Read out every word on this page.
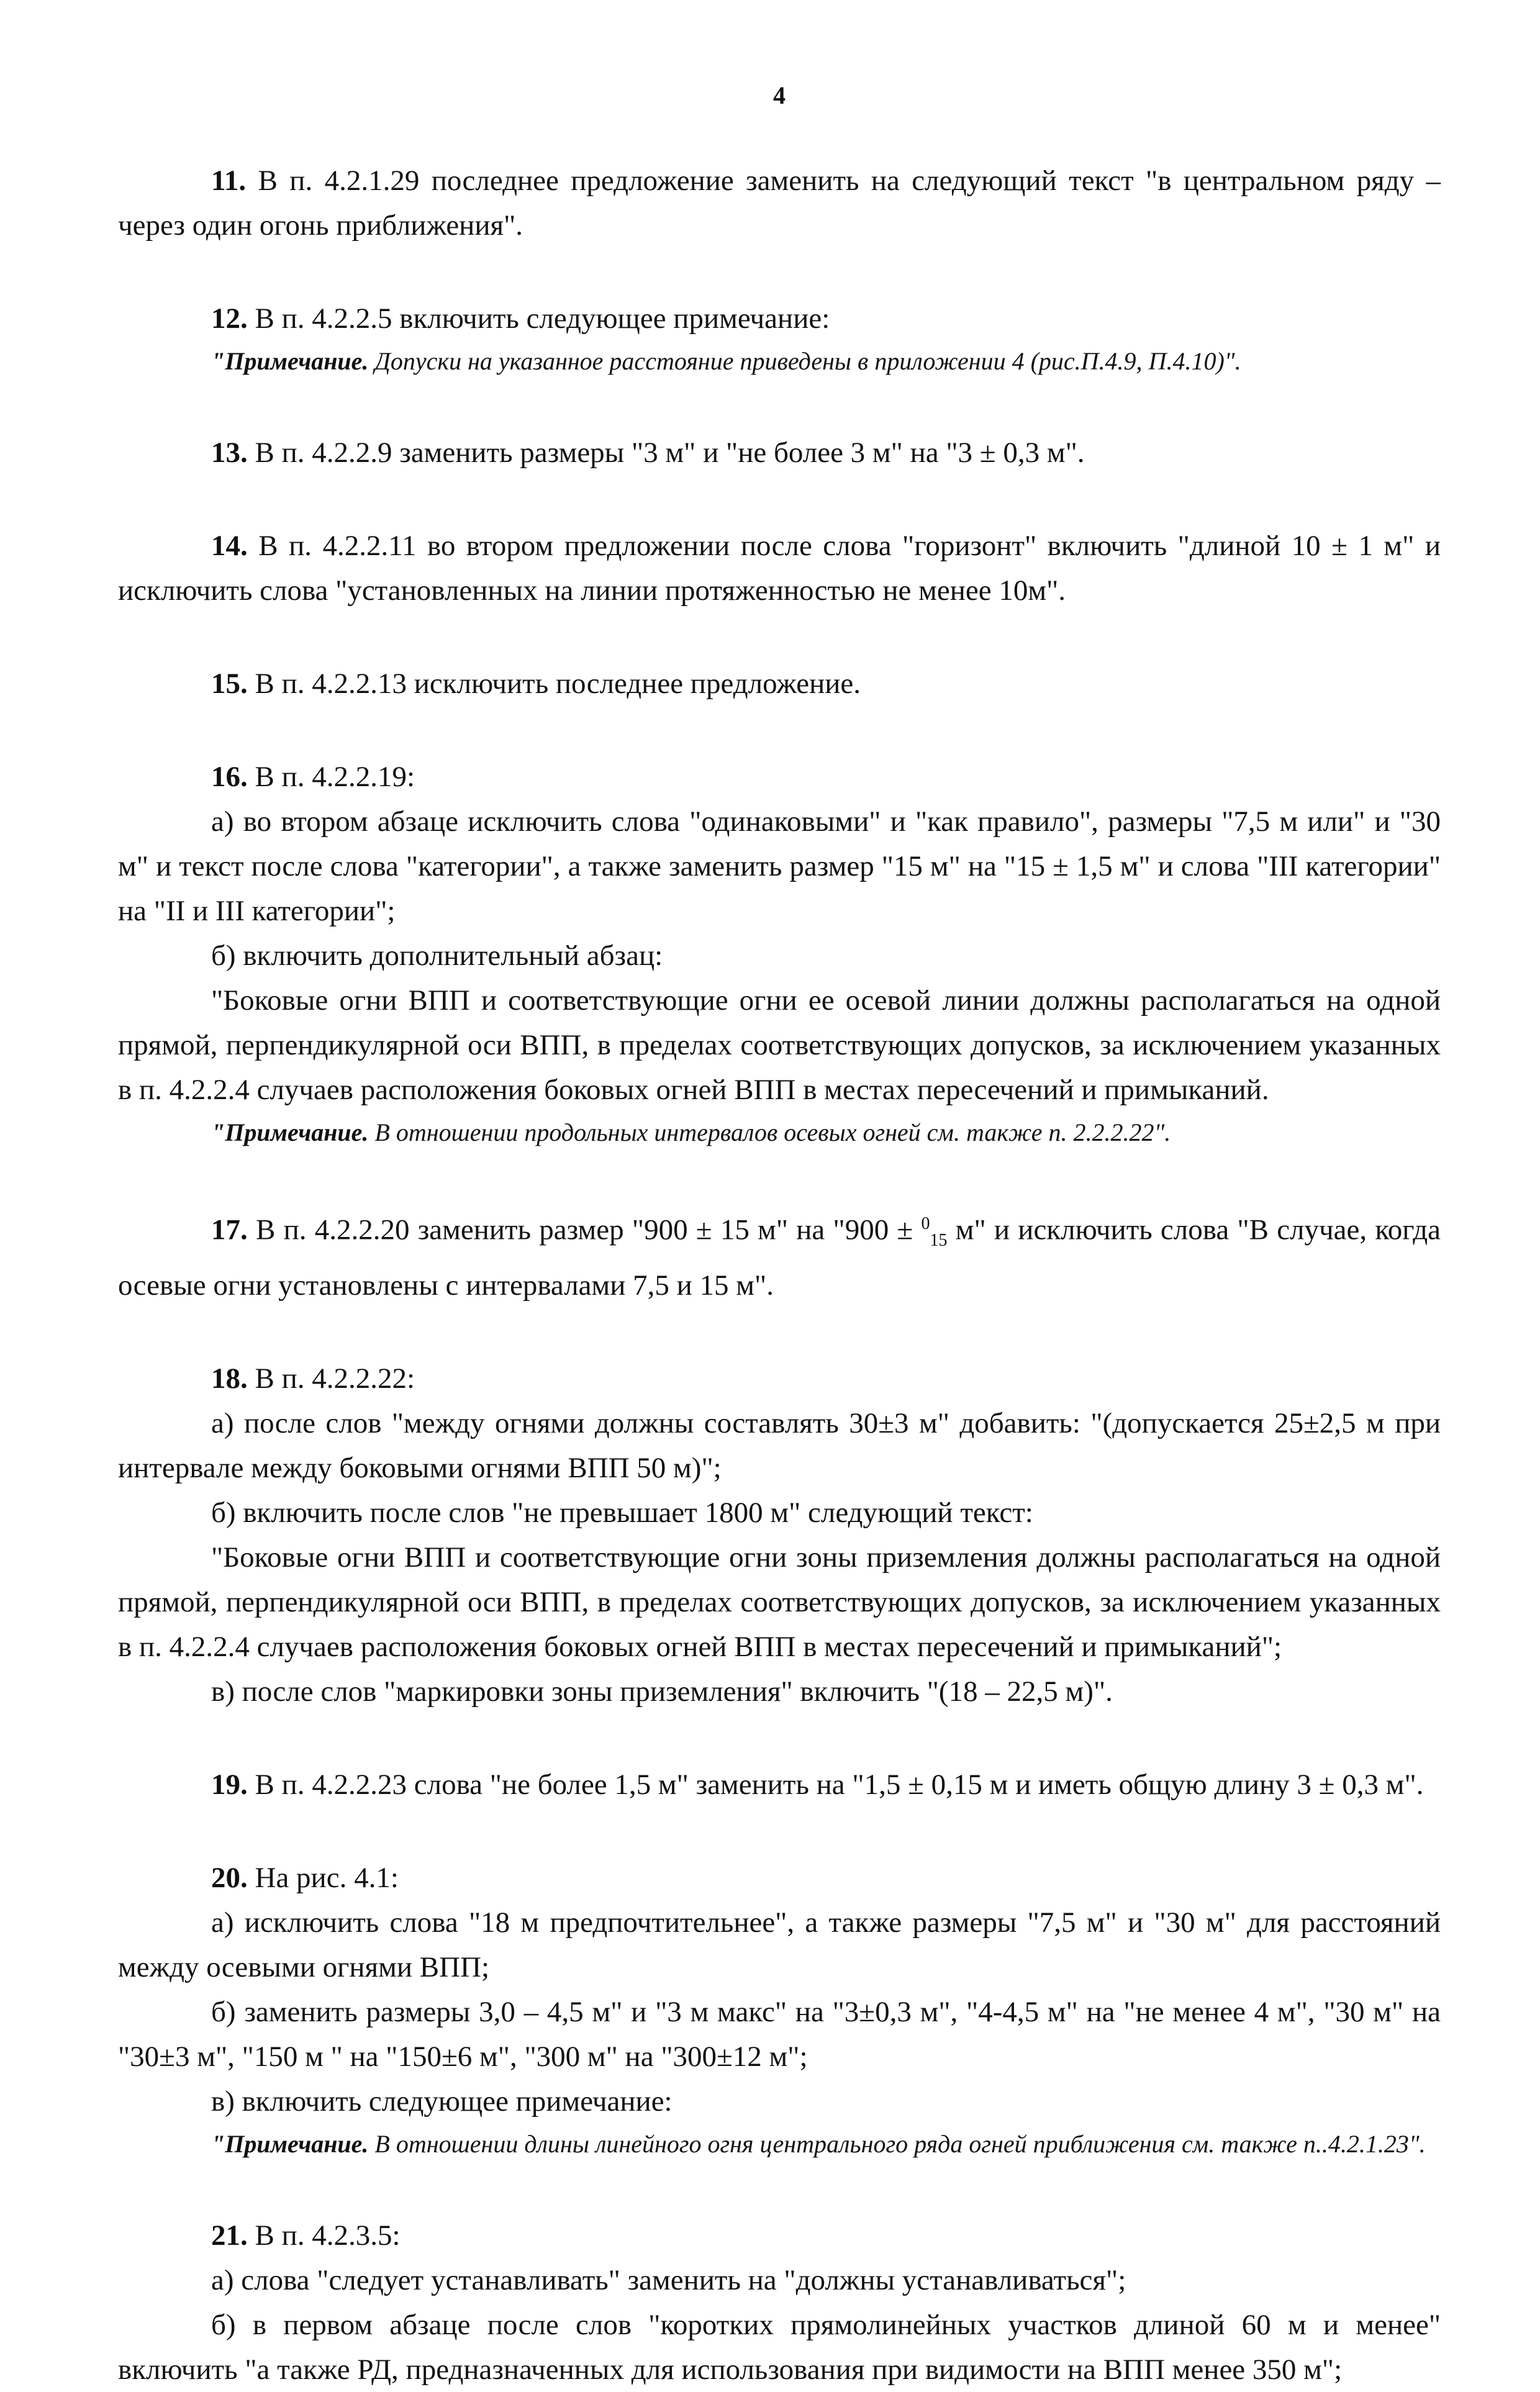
4

11. В п. 4.2.1.29 последнее предложение заменить на следующий текст "в центральном ряду – через один огонь приближения".

12. В п. 4.2.2.5 включить следующее примечание:

"Примечание. Допуски на указанное расстояние приведены в приложении 4 (рис.П.4.9, П.4.10)".

13. В п. 4.2.2.9 заменить размеры "3 м" и "не более 3 м" на "3 ± 0,3 м".

14. В п. 4.2.2.11 во втором предложении после слова "горизонт" включить "длиной 10 ± 1 м" и исключить слова "установленных на линии протяженностью не менее 10м".

15. В п. 4.2.2.13 исключить последнее предложение.

16. В п. 4.2.2.19:

а) во втором абзаце исключить слова "одинаковыми" и "как правило", размеры "7,5 м или" и "30 м" и текст после слова "категории", а также заменить размер "15 м" на "15 ± 1,5 м" и слова "III категории" на "II и III категории";

б) включить дополнительный абзац:

"Боковые огни ВПП и соответствующие огни ее осевой линии должны располагаться на одной прямой, перпендикулярной оси ВПП, в пределах соответствующих допусков, за исключением указанных в п. 4.2.2.4 случаев расположения боковых огней ВПП в местах пересечений и примыканий.

"Примечание. В отношении продольных интервалов осевых огней см. также п. 2.2.2.22".

17. В п. 4.2.2.20 заменить размер "900 ± 15 м" на "900 ± $^0_{15}$ м" и исключить слова "В случае, когда осевые огни установлены с интервалами 7,5 и 15 м".

18. В п. 4.2.2.22:

а) после слов "между огнями должны составлять 30±3 м" добавить: "(допускается 25±2,5 м при интервале между боковыми огнями ВПП 50 м)";

б) включить после слов "не превышает 1800 м" следующий текст:

"Боковые огни ВПП и соответствующие огни зоны приземления должны располагаться на одной прямой, перпендикулярной оси ВПП, в пределах соответствующих допусков, за исключением указанных в п. 4.2.2.4 случаев расположения боковых огней ВПП в местах пересечений и примыканий";

в) после слов "маркировки зоны приземления" включить "(18 – 22,5 м)".

19. В п. 4.2.2.23 слова "не более 1,5 м" заменить на "1,5 ± 0,15 м и иметь общую длину 3 ± 0,3 м".

20. На рис. 4.1:

а) исключить слова "18 м предпочтительнее", а также размеры "7,5 м" и "30 м" для расстояний между осевыми огнями ВПП;

б) заменить размеры 3,0 – 4,5 м" и "3 м макс" на "3±0,3 м", "4-4,5 м" на "не менее 4 м", "30 м" на "30±3 м", "150 м " на "150±6 м", "300 м" на "300±12 м";

в) включить следующее примечание:

"Примечание. В отношении длины линейного огня центрального ряда огней приближения см. также п..4.2.1.23".

21. В п. 4.2.3.5:

а) слова "следует устанавливать" заменить на "должны устанавливаться";

б) в первом абзаце после слов "коротких прямолинейных участков длиной 60 м и менее" включить "а также РД, предназначенных для использования при видимости на ВПП менее 350 м";
